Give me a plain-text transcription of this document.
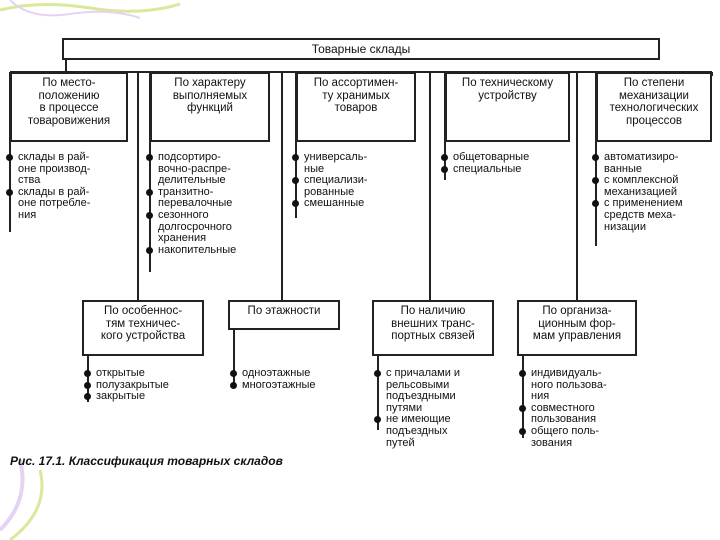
Товарные склады
По место-
положению
в процессе
товаровижения
По характеру
выполняемых
функций
По ассортимен-
ту хранимых
товаров
По техническому
устройству
По степени
механизации
технологических
процессов
склады в рай-
оне производ-
ства
склады в рай-
оне потребле-
ния
подсортиро-
вочно-распре-
делительные
транзитно-
перевалочные
сезонного
долгосрочного
хранения
накопительные
универсаль-
ные
специализи-
рованные
смешанные
общетоварные
специальные
автоматизиро-
ванные
с комплексной
механизацией
с применением
средств меха-
низации
По особеннос-
тям техничес-
кого устройства
По этажности	По наличию
внешних транс-
портных связей
По организа-
ционным фор-
мам управления
открытые
полузакрытые
закрытые
одноэтажные
многоэтажные
с причалами и
рельсовыми
подъездными
путями
не имеющие
подъездных
путей
индивидуаль-
ного пользова-
ния
совместного
пользования
общего поль-
зования
Рис. 17.1. Классификация товарных складов
